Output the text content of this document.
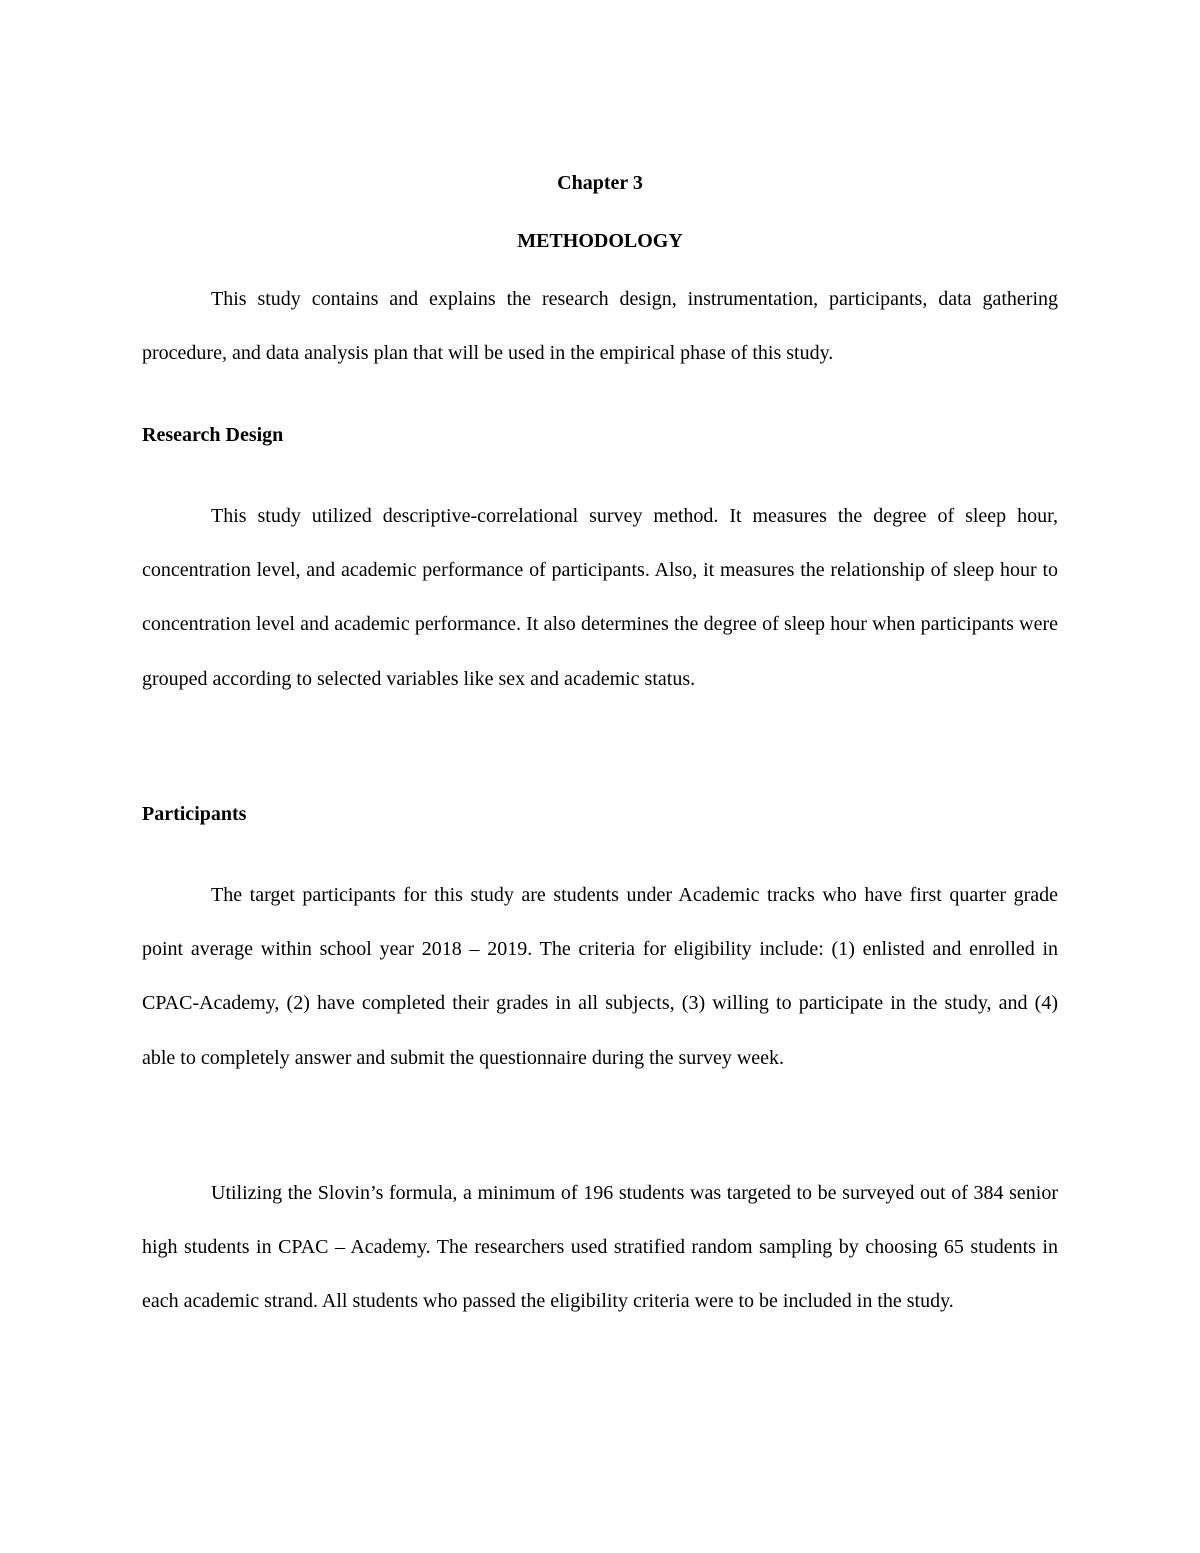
Chapter 3

METHODOLOGY

This study contains and explains the research design, instrumentation, participants, data gathering procedure, and data analysis plan that will be used in the empirical phase of this study.

Research Design

This study utilized descriptive-correlational survey method. It measures the degree of sleep hour, concentration level, and academic performance of participants. Also, it measures the relationship of sleep hour to concentration level and academic performance. It also determines the degree of sleep hour when participants were grouped according to selected variables like sex and academic status.

Participants

The target participants for this study are students under Academic tracks who have first quarter grade point average within school year 2018 – 2019. The criteria for eligibility include: (1) enlisted and enrolled in CPAC-Academy, (2) have completed their grades in all subjects, (3) willing to participate in the study, and (4) able to completely answer and submit the questionnaire during the survey week.

Utilizing the Slovin’s formula, a minimum of 196 students was targeted to be surveyed out of 384 senior high students in CPAC – Academy. The researchers used stratified random sampling by choosing 65 students in each academic strand. All students who passed the eligibility criteria were to be included in the study.
